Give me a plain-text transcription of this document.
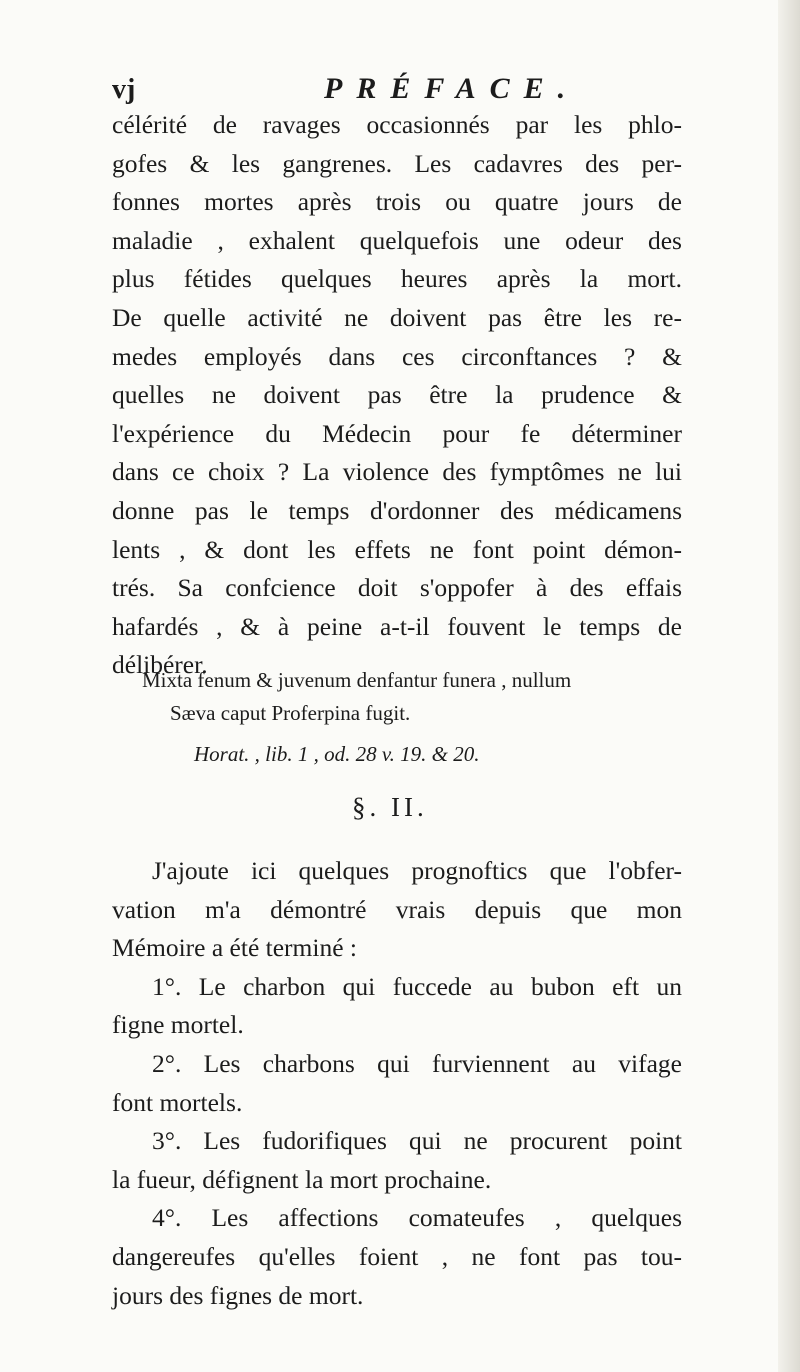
vj	PRÉFACE.

célérité de ravages occasionnés par les phlo-
gofes & les gangrenes. Les cadavres des per-
fonnes mortes après trois ou quatre jours de
maladie , exhalent quelquefois une odeur des
plus fétides quelques heures après la mort.
De quelle activité ne doivent pas être les re-
medes employés dans ces circonftances ? &
quelles ne doivent pas être la prudence &
l'expérience du Médecin pour fe déterminer
dans ce choix ? La violence des fymptômes ne lui
donne pas le temps d'ordonner des médicamens
lents , & dont les effets ne font point démon-
trés. Sa confcience doit s'oppofer à des effais
hafardés , & à peine a-t-il fouvent le temps de
délibérer.

Mixta fenum & juvenum denfantur funera , nullum
Sæva caput Proferpina fugit.
Horat. , lib. 1 , od. 28 v. 19. & 20.
§. II.

J'ajoute ici quelques prognoftics que l'obfer-
vation m'a démontré vrais depuis que mon
Mémoire a été terminé :
1°. Le charbon qui fuccede au bubon eft un
figne mortel.
2°. Les charbons qui furviennent au vifage
font mortels.
3°. Les fudorifiques qui ne procurent point
la fueur, défignent la mort prochaine.
4°. Les affections comateufes , quelques
dangereufes qu'elles foient , ne font pas tou-
jours des fignes de mort.
